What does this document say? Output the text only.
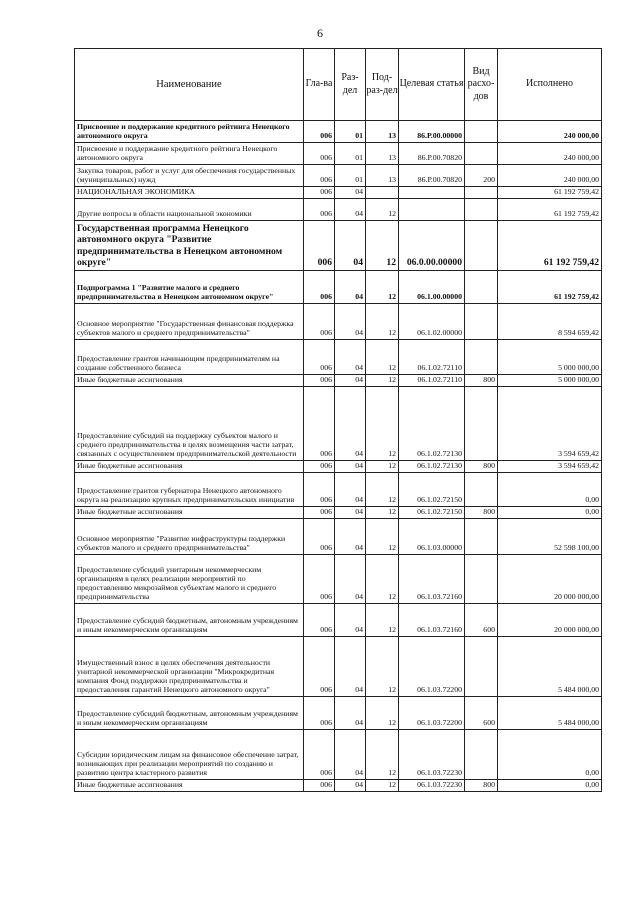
6
Наименование	Гла-ва	Раз-дел	Под-раз-дел	Целевая статья	Вид расхо-дов	Исполнено
Присвоение и поддержание кредитного рейтинга Ненецкого автономного округа	006	01	13	86.Р.00.00000		240 000,00
Присвоение и поддержание кредитного рейтинга Ненецкого автономного округа	006	01	13	86.Р.00.70820		240 000,00
Закупка товаров, работ и услуг для обеспечения государственных (муниципальных) нужд	006	01	13	86.Р.00.70820	200	240 000,00
НАЦИОНАЛЬНАЯ ЭКОНОМИКА	006	04				61 192 759,42
Другие вопросы в области национальной экономики	006	04	12			61 192 759,42
Государственная программа Ненецкого автономного округа "Развитие предпринимательства в Ненецком автономном округе"	006	04	12	06.0.00.00000		61 192 759,42
Подпрограмма 1 "Развитие малого и среднего предпринимательства в Ненецком автономном округе"	006	04	12	06.1.00.00000		61 192 759,42
Основное мероприятие "Государственная финансовая поддержка субъектов малого и среднего предпринимательства"	006	04	12	06.1.02.00000		8 594 659,42
Предоставление грантов начинающим предпринимателям на создание собственного бизнеса	006	04	12	06.1.02.72110		5 000 000,00
Иные бюджетные ассигнования	006	04	12	06.1.02.72110	800	5 000 000,00
Предоставление субсидий на поддержку субъектов малого и среднего предпринимательства в целях возмещения части затрат, связанных с осуществлением предпринимательской деятельности	006	04	12	06.1.02.72130		3 594 659,42
Иные бюджетные ассигнования	006	04	12	06.1.02.72130	800	3 594 659,42
Предоставление грантов губернатора Ненецкого автономного округа на реализацию крупных предпринимательских инициатив	006	04	12	06.1.02.72150		0,00
Иные бюджетные ассигнования	006	04	12	06.1.02.72150	800	0,00
Основное мероприятие "Развитие инфраструктуры поддержки субъектов малого и среднего предпринимательства"	006	04	12	06.1.03.00000		52 598 100,00
Предоставление субсидий унитарным некоммерческим организациям в целях реализации мероприятий по предоставлению микрозаймов субъектам малого и среднего предпринимательства	006	04	12	06.1.03.72160		20 000 000,00
Предоставление субсидий бюджетным, автономным учреждениям и иным некоммерческим организациям	006	04	12	06.1.03.72160	600	20 000 000,00
Имущественный взнос в целях обеспечения деятельности унитарной некоммерческой организации "Микрокредитная компания Фонд поддержки предпринимательства и предоставления гарантий Ненецкого автономного округа"	006	04	12	06.1.03.72200		5 484 000,00
Предоставление субсидий бюджетным, автономным учреждениям и иным некоммерческим организациям	006	04	12	06.1.03.72200	600	5 484 000,00
Субсидии юридическим лицам на финансовое обеспечение затрат, возникающих при реализации мероприятий по созданию и развитию центра кластерного развития	006	04	12	06.1.03.72230		0,00
Иные бюджетные ассигнования	006	04	12	06.1.03.72230	800	0,00
